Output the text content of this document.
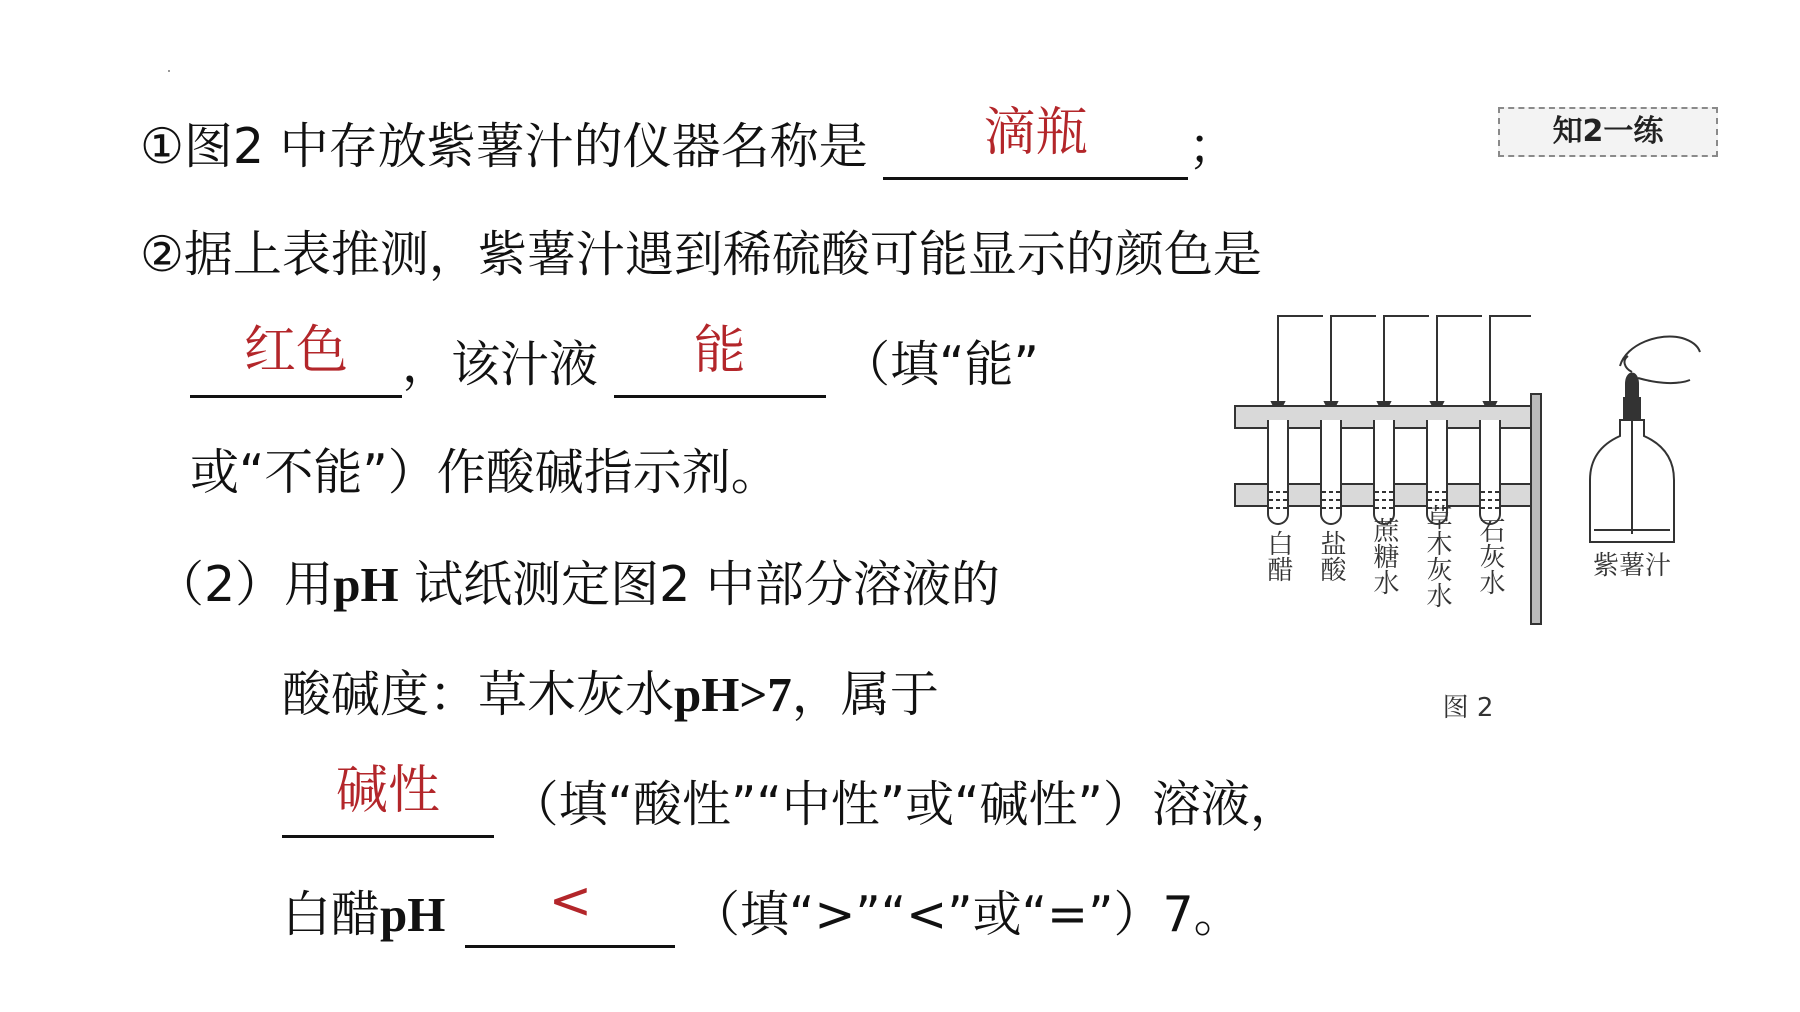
知2一练
①图2 中存放紫薯汁的仪器名称是	滴瓶	；
②据上表推测，紫薯汁遇到稀硫酸可能显示的颜色是
红色	，该汁液	能	（填“能”
或“不能”）作酸碱指示剂。
（2）用pH 试纸测定图2 中部分溶液的
酸碱度：草木灰水pH>7，属于
碱性	（填“酸性”“中性”或“碱性”）溶液，
白醋pH	<	（填“>”“<”或“=”）7。
白醋 盐酸 蔗糖水 草木灰水 石灰水	紫薯汁
图 2
